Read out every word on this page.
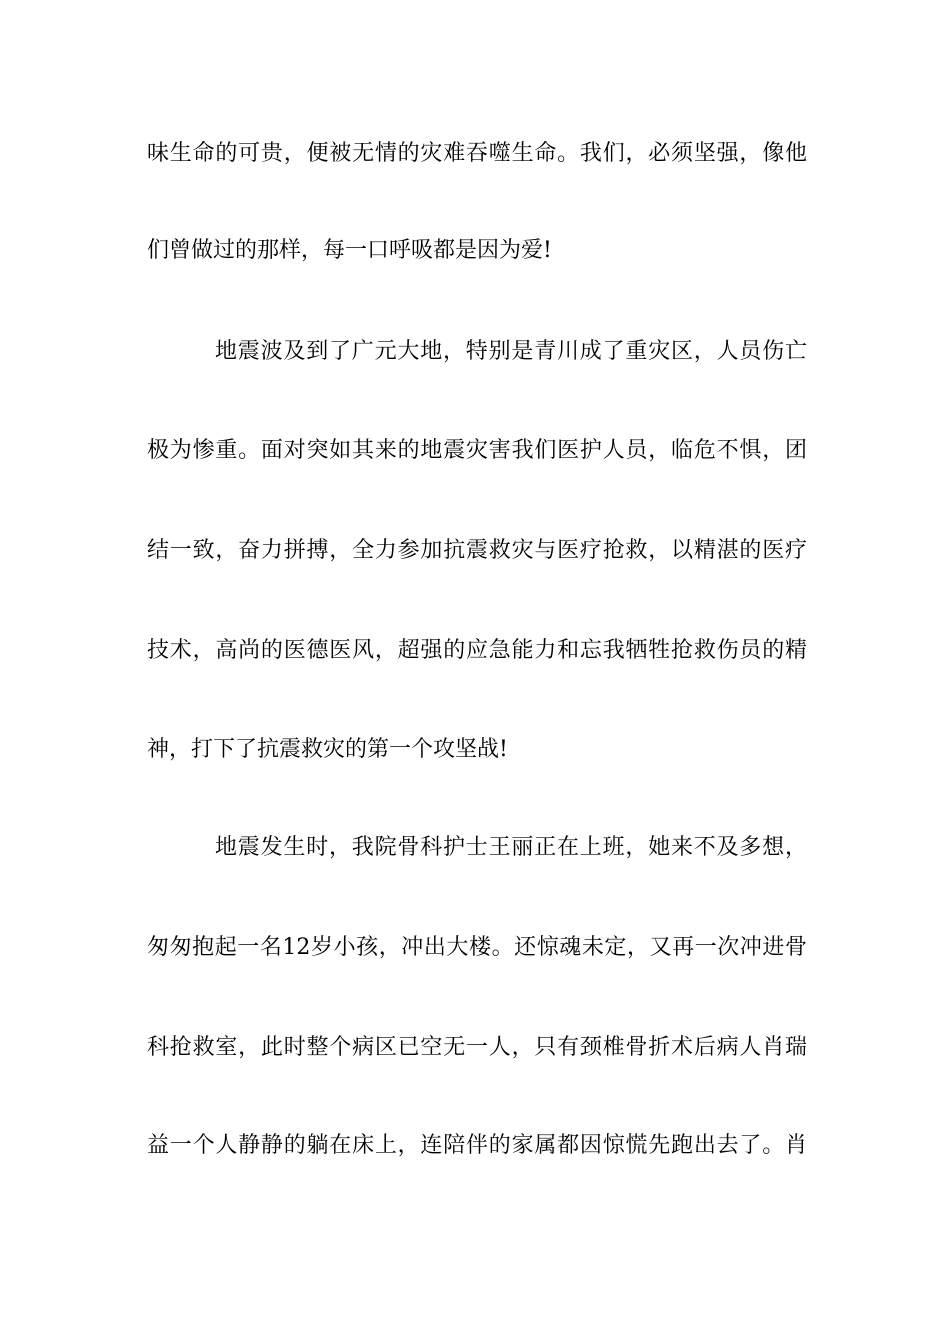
味生命的可贵，便被无情的灾难吞噬生命。我们，必须坚强，像他
们曾做过的那样，每一口呼吸都是因为爱!
地震波及到了广元大地，特别是青川成了重灾区，人员伤亡
极为惨重。面对突如其来的地震灾害我们医护人员，临危不惧，团
结一致，奋力拼搏，全力参加抗震救灾与医疗抢救，以精湛的医疗
技术，高尚的医德医风，超强的应急能力和忘我牺牲抢救伤员的精
神，打下了抗震救灾的第一个攻坚战!
地震发生时，我院骨科护士王丽正在上班，她来不及多想，
匆匆抱起一名12岁小孩，冲出大楼。还惊魂未定，又再一次冲进骨
科抢救室，此时整个病区已空无一人，只有颈椎骨折术后病人肖瑞
益一个人静静的躺在床上，连陪伴的家属都因惊慌先跑出去了。肖
